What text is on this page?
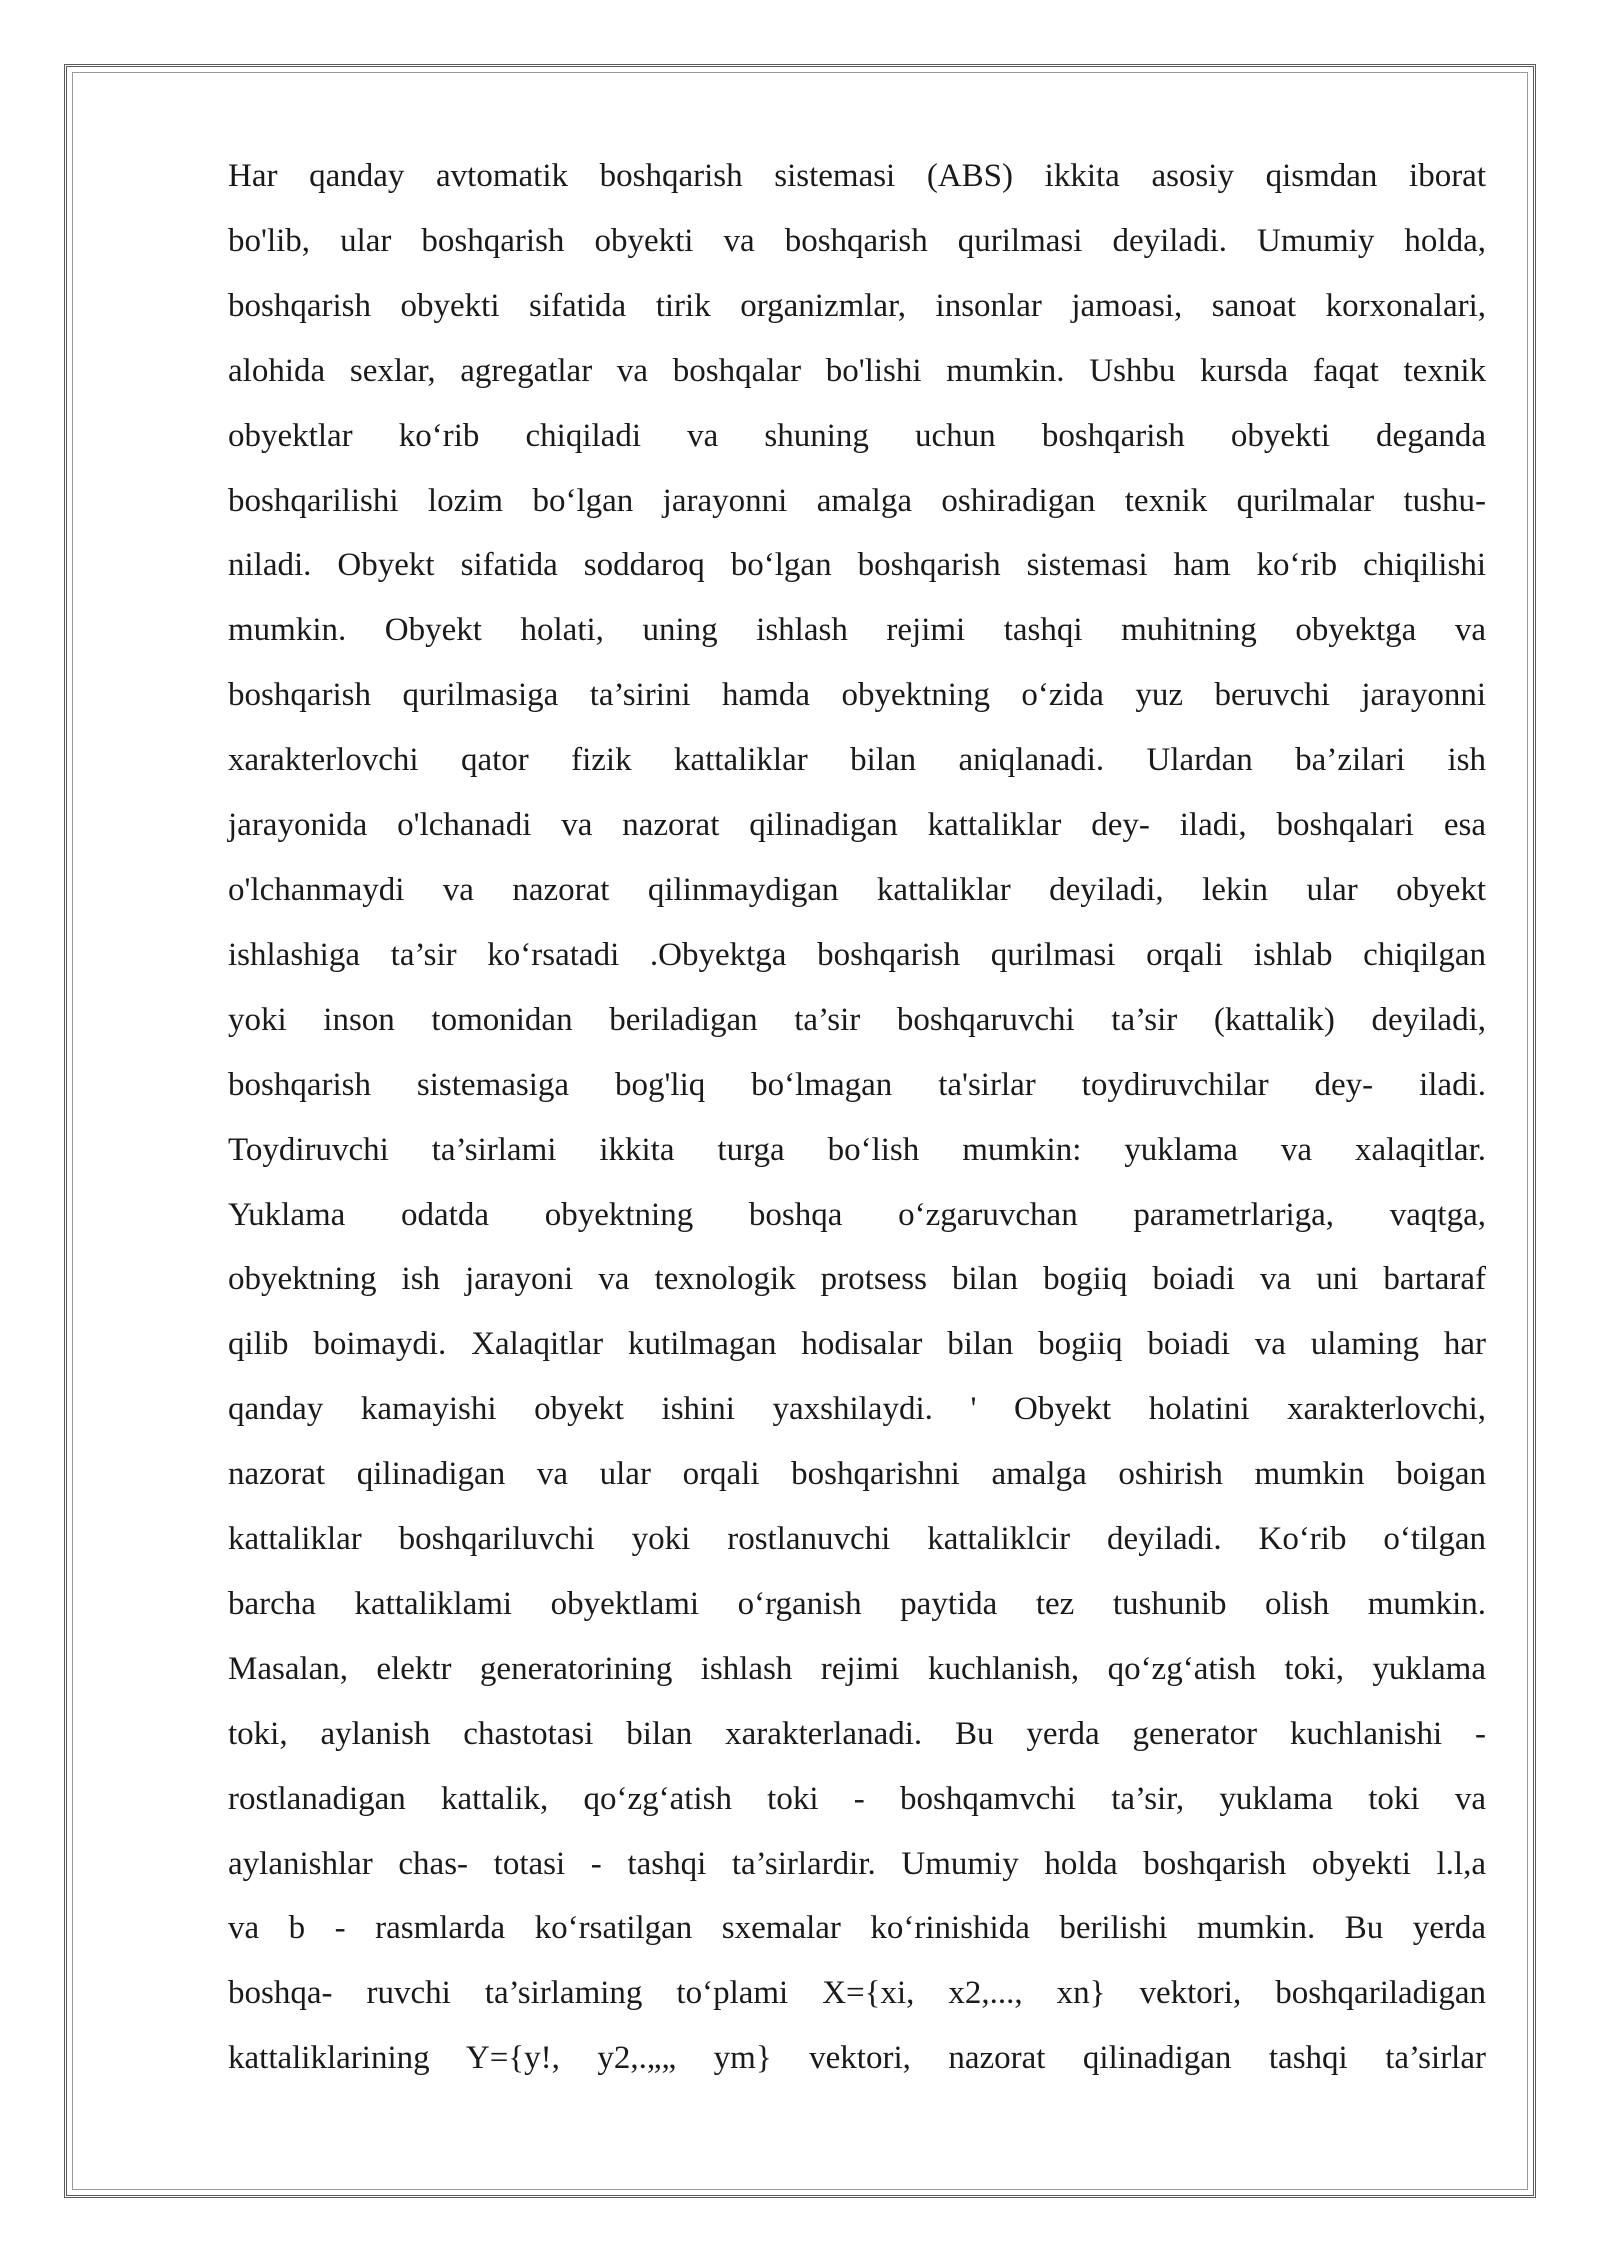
Har qanday avtomatik boshqarish sistemasi (ABS) ikkita asosiy qismdan iborat
bo'lib, ular boshqarish obyekti va boshqarish qurilmasi deyiladi. Umumiy holda,
boshqarish obyekti sifatida tirik organizmlar, insonlar jamoasi, sanoat korxonalari,
alohida sexlar, agregatlar va boshqalar bo'lishi mumkin. Ushbu kursda faqat texnik
obyektlar ko‘rib chiqiladi va shuning uchun boshqarish obyekti deganda
boshqarilishi lozim bo‘lgan jarayonni amalga oshiradigan texnik qurilmalar tushu-
niladi. Obyekt sifatida soddaroq bo‘lgan boshqarish sistemasi ham ko‘rib chiqilishi
mumkin. Obyekt holati, uning ishlash rejimi tashqi muhitning obyektga va
boshqarish qurilmasiga ta’sirini hamda obyektning o‘zida yuz beruvchi jarayonni
xarakterlovchi qator fizik kattaliklar bilan aniqlanadi. Ulardan ba’zilari ish
jarayonida o'lchanadi va nazorat qilinadigan kattaliklar dey- iladi, boshqalari esa
o'lchanmaydi va nazorat qilinmaydigan kattaliklar deyiladi, lekin ular obyekt
ishlashiga ta’sir ko‘rsatadi .Obyektga boshqarish qurilmasi orqali ishlab chiqilgan
yoki inson tomonidan beriladigan ta’sir boshqaruvchi ta’sir (kattalik) deyiladi,
boshqarish sistemasiga bog'liq bo‘lmagan ta'sirlar toydiruvchilar dey- iladi.
Toydiruvchi ta’sirlami ikkita turga bo‘lish mumkin: yuklama va xalaqitlar.
Yuklama odatda obyektning boshqa o‘zgaruvchan parametrlariga, vaqtga,
obyektning ish jarayoni va texnologik protsess bilan bogiiq boiadi va uni bartaraf
qilib boimaydi. Xalaqitlar kutilmagan hodisalar bilan bogiiq boiadi va ulaming har
qanday kamayishi obyekt ishini yaxshilaydi. ' Obyekt holatini xarakterlovchi,
nazorat qilinadigan va ular orqali boshqarishni amalga oshirish mumkin boigan
kattaliklar boshqariluvchi yoki rostlanuvchi kattaliklcir deyiladi. Ko‘rib o‘tilgan
barcha kattaliklami obyektlami o‘rganish paytida tez tushunib olish mumkin.
Masalan, elektr generatorining ishlash rejimi kuchlanish, qo‘zg‘atish toki, yuklama
toki, aylanish chastotasi bilan xarakterlanadi. Bu yerda generator kuchlanishi -
rostlanadigan kattalik, qo‘zg‘atish toki - boshqamvchi ta’sir, yuklama toki va
aylanishlar chas- totasi - tashqi ta’sirlardir. Umumiy holda boshqarish obyekti l.l,a
va b - rasmlarda ko‘rsatilgan sxemalar ko‘rinishida berilishi mumkin. Bu yerda
boshqa- ruvchi ta’sirlaming to‘plami X={xi, x2,..., xn} vektori, boshqariladigan
kattaliklarining Y={y!, y2,.„„ ym} vektori, nazorat qilinadigan tashqi ta’sirlar
